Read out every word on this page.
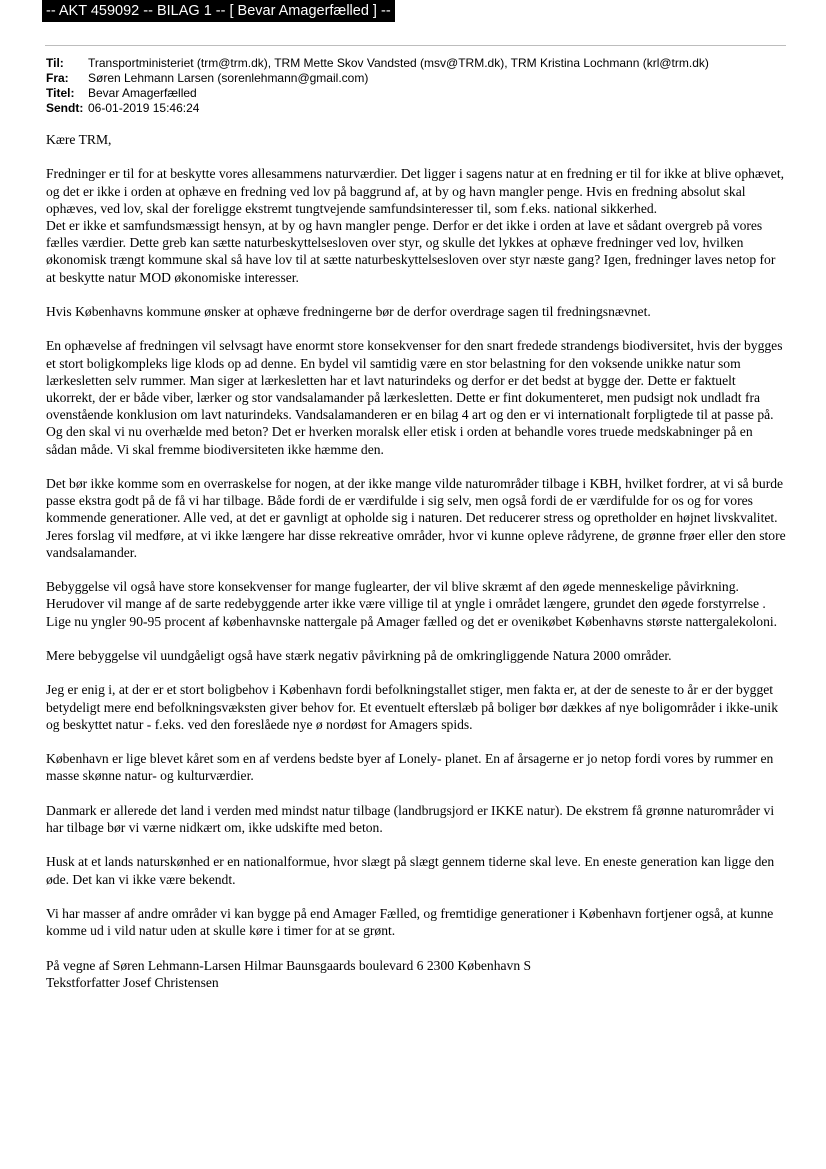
-- AKT 459092 -- BILAG 1 -- [ Bevar Amagerfælled ] --
Til:	Transportministeriet (trm@trm.dk), TRM Mette Skov Vandsted (msv@TRM.dk), TRM Kristina Lochmann (krl@trm.dk)
Fra:	Søren Lehmann Larsen (sorenlehmann@gmail.com)
Titel:	Bevar Amagerfælled
Sendt:	06-01-2019 15:46:24

Kære TRM,

Fredninger er til for at beskytte vores allesammens naturværdier. Det ligger i sagens natur at en fredning er til for ikke at blive ophævet, og det er ikke i orden at ophæve en fredning ved lov på baggrund af, at by og havn mangler penge. Hvis en fredning absolut skal ophæves, ved lov, skal der foreligge ekstremt tungtvejende samfundsinteresser til, som f.eks. national sikkerhed.
Det er ikke et samfundsmæssigt hensyn, at by og havn mangler penge. Derfor er det ikke i orden at lave et sådant overgreb på vores fælles værdier. Dette greb kan sætte naturbeskyttelsesloven over styr, og skulle det lykkes at ophæve fredninger ved lov, hvilken økonomisk trængt kommune skal så have lov til at sætte naturbeskyttelsesloven over styr næste gang? Igen, fredninger laves netop for at beskytte natur MOD økonomiske interesser.

Hvis Københavns kommune ønsker at ophæve fredningerne bør de derfor overdrage sagen til fredningsnævnet.

En ophævelse af fredningen vil selvsagt have enormt store konsekvenser for den snart fredede strandengs biodiversitet, hvis der bygges et stort boligkompleks lige klods op ad denne. En bydel vil samtidig være en stor belastning for den voksende unikke natur som lærkesletten selv rummer. Man siger at lærkesletten har et lavt naturindeks og derfor er det bedst at bygge der. Dette er faktuelt ukorrekt, der er både viber, lærker og stor vandsalamander på lærkesletten. Dette er fint dokumenteret, men pudsigt nok undladt fra ovenstående konklusion om lavt naturindeks. Vandsalamanderen er en bilag 4 art og den er vi internationalt forpligtede til at passe på. Og den skal vi nu overhælde med beton? Det er hverken moralsk eller etisk i orden at behandle vores truede medskabninger på en sådan måde. Vi skal fremme biodiversiteten ikke hæmme den.

Det bør ikke komme som en overraskelse for nogen, at der ikke mange vilde naturområder tilbage i KBH, hvilket fordrer, at vi så burde passe ekstra godt på de få vi har tilbage. Både fordi de er værdifulde i sig selv, men også fordi de er værdifulde for os og for vores kommende generationer. Alle ved, at det er gavnligt at opholde sig i naturen. Det reducerer stress og opretholder en højnet livskvalitet. Jeres forslag vil medføre, at vi ikke længere har disse rekreative områder, hvor vi kunne opleve rådyrene, de grønne frøer eller den store vandsalamander.

Bebyggelse vil også have store konsekvenser for mange fuglearter, der vil blive skræmt af den øgede menneskelige påvirkning. Herudover vil mange af de sarte redebyggende arter ikke være villige til at yngle i området længere, grundet den øgede forstyrrelse . Lige nu yngler 90-95 procent af københavnske nattergale på Amager fælled og det er ovenikøbet Københavns største nattergalekoloni.

Mere bebyggelse vil uundgåeligt også have stærk negativ påvirkning på de omkringliggende Natura 2000 områder.

Jeg er enig i, at der er et stort boligbehov i København fordi befolkningstallet stiger, men fakta er, at der de seneste to år er der bygget betydeligt mere end befolkningsvæksten giver behov for. Et eventuelt efterslæb på boliger bør dækkes af nye boligområder i ikke-unik og beskyttet natur - f.eks. ved den foreslåede nye ø nordøst for Amagers spids.

København er lige blevet kåret som en af verdens bedste byer af Lonely- planet. En af årsagerne er jo netop fordi vores by rummer en masse skønne natur- og kulturværdier.

Danmark er allerede det land i verden med mindst natur tilbage (landbrugsjord er IKKE natur). De ekstrem få grønne naturområder vi har tilbage bør vi værne nidkært om, ikke udskifte med beton.

Husk at et lands naturskønhed er en nationalformue, hvor slægt på slægt gennem tiderne skal leve. En eneste generation kan ligge den øde. Det kan vi ikke være bekendt.

Vi har masser af andre områder vi kan bygge på end Amager Fælled, og fremtidige generationer i København fortjener også, at kunne komme ud i vild natur uden at skulle køre i timer for at se grønt.

På vegne af Søren Lehmann-Larsen Hilmar Baunsgaards boulevard 6 2300 København S

Tekstforfatter Josef Christensen
